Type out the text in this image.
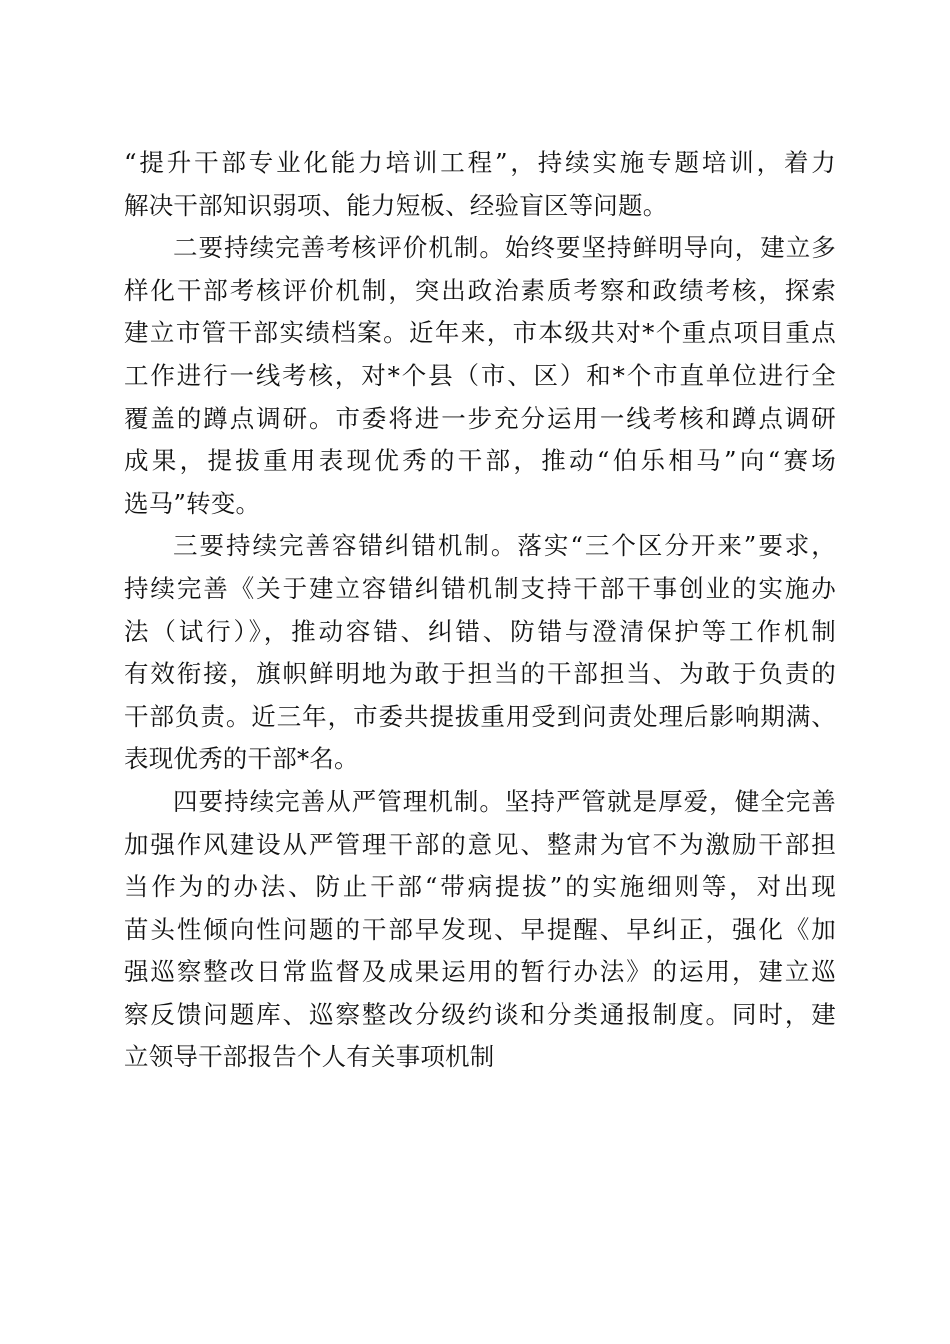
“提升干部专业化能力培训工程”，持续实施专题培训，着力
解决干部知识弱项、能力短板、经验盲区等问题。
二要持续完善考核评价机制。始终要坚持鲜明导向，建立多
样化干部考核评价机制，突出政治素质考察和政绩考核，探索
建立市管干部实绩档案。近年来，市本级共对*个重点项目重点
工作进行一线考核，对*个县（市、区）和*个市直单位进行全
覆盖的蹲点调研。市委将进一步充分运用一线考核和蹲点调研
成果，提拔重用表现优秀的干部，推动“伯乐相马”向“赛场
选马”转变。
三要持续完善容错纠错机制。落实“三个区分开来”要求，
持续完善《关于建立容错纠错机制支持干部干事创业的实施办
法（试行）》，推动容错、纠错、防错与澄清保护等工作机制
有效衔接，旗帜鲜明地为敢于担当的干部担当、为敢于负责的
干部负责。近三年，市委共提拔重用受到问责处理后影响期满、
表现优秀的干部*名。
四要持续完善从严管理机制。坚持严管就是厚爱，健全完善
加强作风建设从严管理干部的意见、整肃为官不为激励干部担
当作为的办法、防止干部“带病提拔”的实施细则等，对出现
苗头性倾向性问题的干部早发现、早提醒、早纠正，强化《加
强巡察整改日常监督及成果运用的暂行办法》的运用，建立巡
察反馈问题库、巡察整改分级约谈和分类通报制度。同时，建
立领导干部报告个人有关事项机制
